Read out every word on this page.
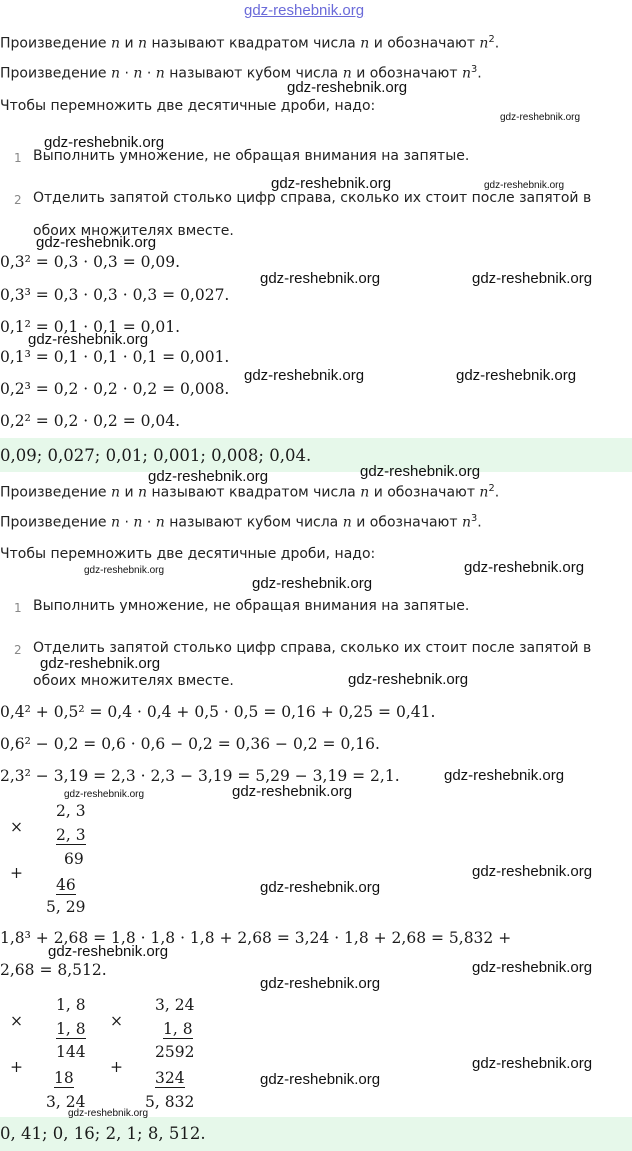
gdz-reshebnik.org
Произведение n и n называют квадратом числа n и обозначают $n^2$.
Произведение n · n · n называют кубом числа n и обозначают $n^3$.
Чтобы перемножить две десятичные дроби, надо:
1 Выполнить умножение, не обращая внимания на запятые.
2 Отделить запятой столько цифр справа, сколько их стоит после запятой в
обоих множителях вместе.
0,3² = 0,3 · 0,3 = 0,09.
0,3³ = 0,3 · 0,3 · 0,3 = 0,027.
0,1² = 0,1 · 0,1 = 0,01.
0,1³ = 0,1 · 0,1 · 0,1 = 0,001.
0,2³ = 0,2 · 0,2 · 0,2 = 0,008.
0,2² = 0,2 · 0,2 = 0,04.
0,09; 0,027; 0,01; 0,001; 0,008; 0,04.
Произведение n и n называют квадратом числа n и обозначают $n^2$.
Произведение n · n · n называют кубом числа n и обозначают $n^3$.
Чтобы перемножить две десятичные дроби, надо:
1 Выполнить умножение, не обращая внимания на запятые.
2 Отделить запятой столько цифр справа, сколько их стоит после запятой в
обоих множителях вместе.
0,4² + 0,5² = 0,4 · 0,4 + 0,5 · 0,5 = 0,16 + 0,25 = 0,41.
0,6² − 0,2 = 0,6 · 0,6 − 0,2 = 0,36 − 0,2 = 0,16.
2,3² − 3,19 = 2,3 · 2,3 − 3,19 = 5,29 − 3,19 = 2,1.
×
2, 3
2, 3
69
+
46
5, 29
1,8³ + 2,68 = 1,8 · 1,8 · 1,8 + 2,68 = 3,24 · 1,8 + 2,68 = 5,832 +
2,68 = 8,512.
×
1, 8
1, 8
144
+
18
3, 24
×
3, 24
1, 8
2592
+
324
5, 832
0, 41; 0, 16; 2, 1; 8, 512.
gdz-reshebnik.org
gdz-reshebnik.org
gdz-reshebnik.org
gdz-reshebnik.org	gdz-reshebnik.org
gdz-reshebnik.org
gdz-reshebnik.org	gdz-reshebnik.org
gdz-reshebnik.org
gdz-reshebnik.org	gdz-reshebnik.org
gdz-reshebnik.org
gdz-reshebnik.org
gdz-reshebnik.org	gdz-reshebnik.org
gdz-reshebnik.org
gdz-reshebnik.org
gdz-reshebnik.org
gdz-reshebnik.org
gdz-reshebnik.org	gdz-reshebnik.org
gdz-reshebnik.org
gdz-reshebnik.org
gdz-reshebnik.org
gdz-reshebnik.org
gdz-reshebnik.org
gdz-reshebnik.org
gdz-reshebnik.org
gdz-reshebnik.org
